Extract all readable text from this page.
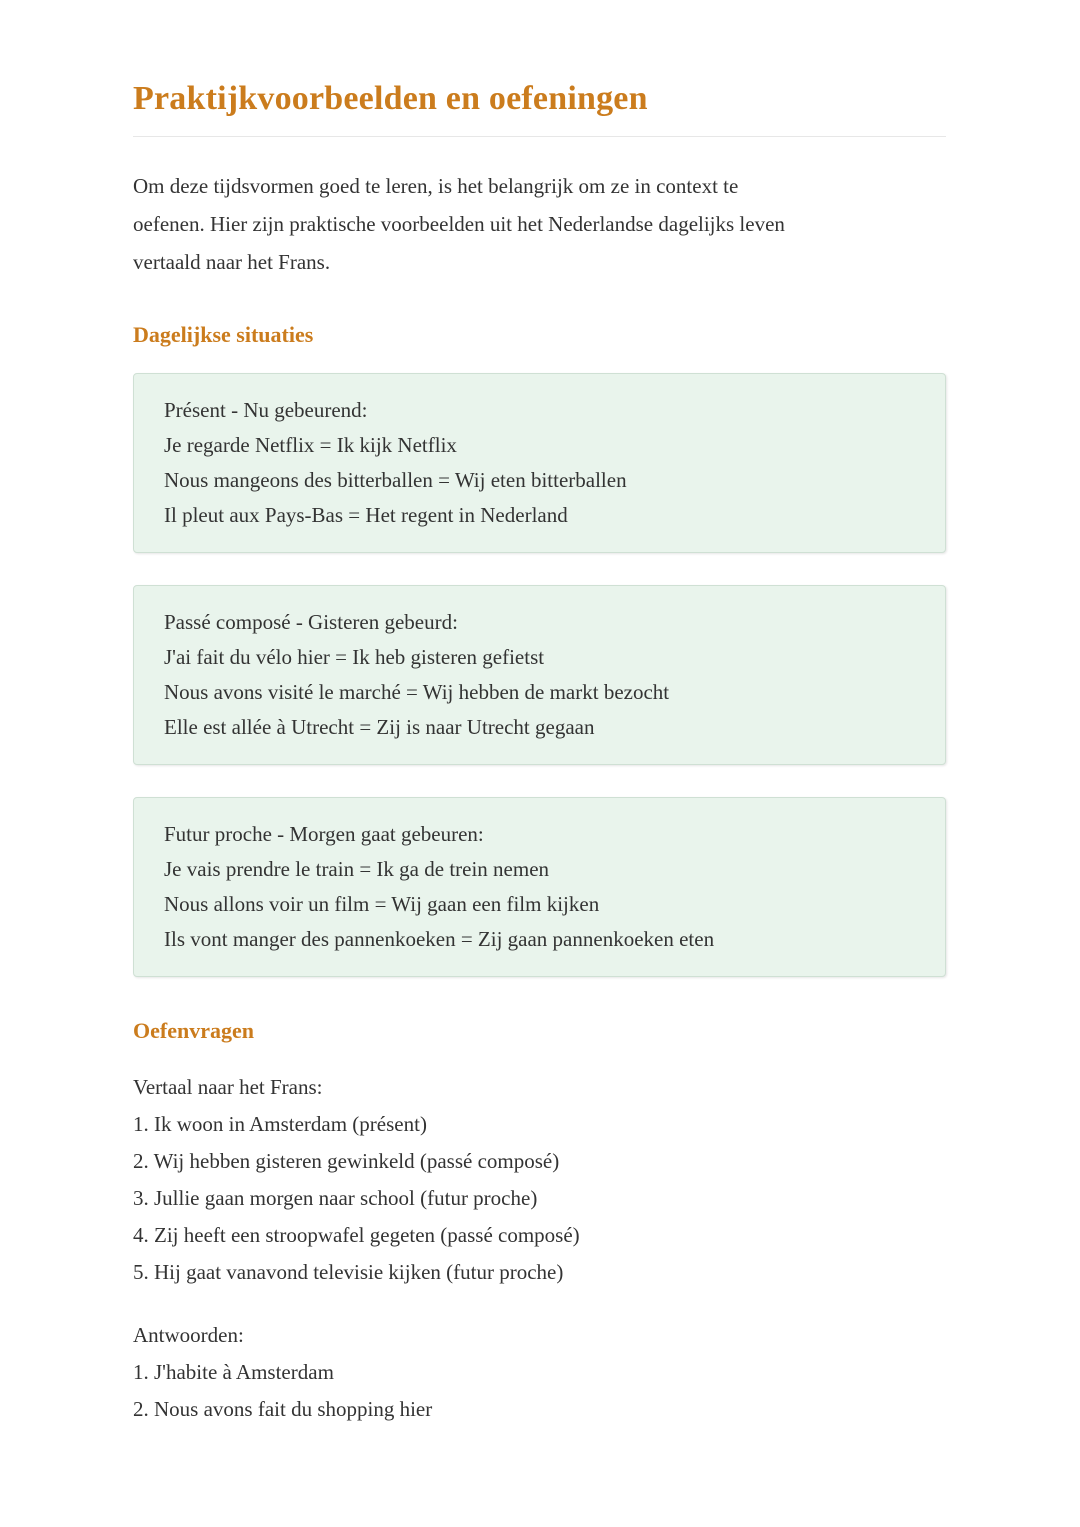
Praktijkvoorbeelden en oefeningen

Om deze tijdsvormen goed te leren, is het belangrijk om ze in context te

oefenen. Hier zijn praktische voorbeelden uit het Nederlandse dagelijks leven

vertaald naar het Frans.

Dagelijkse situaties
Présent - Nu gebeurend:
Je regarde Netflix = Ik kijk Netflix
Nous mangeons des bitterballen = Wij eten bitterballen
Il pleut aux Pays-Bas = Het regent in Nederland
Passé composé - Gisteren gebeurd:
J'ai fait du vélo hier = Ik heb gisteren gefietst
Nous avons visité le marché = Wij hebben de markt bezocht
Elle est allée à Utrecht = Zij is naar Utrecht gegaan
Futur proche - Morgen gaat gebeuren:
Je vais prendre le train = Ik ga de trein nemen
Nous allons voir un film = Wij gaan een film kijken
Ils vont manger des pannenkoeken = Zij gaan pannenkoeken eten
Oefenvragen
Vertaal naar het Frans:
1. Ik woon in Amsterdam (présent)
2. Wij hebben gisteren gewinkeld (passé composé)
3. Jullie gaan morgen naar school (futur proche)
4. Zij heeft een stroopwafel gegeten (passé composé)
5. Hij gaat vanavond televisie kijken (futur proche)
Antwoorden:
1. J'habite à Amsterdam
2. Nous avons fait du shopping hier
